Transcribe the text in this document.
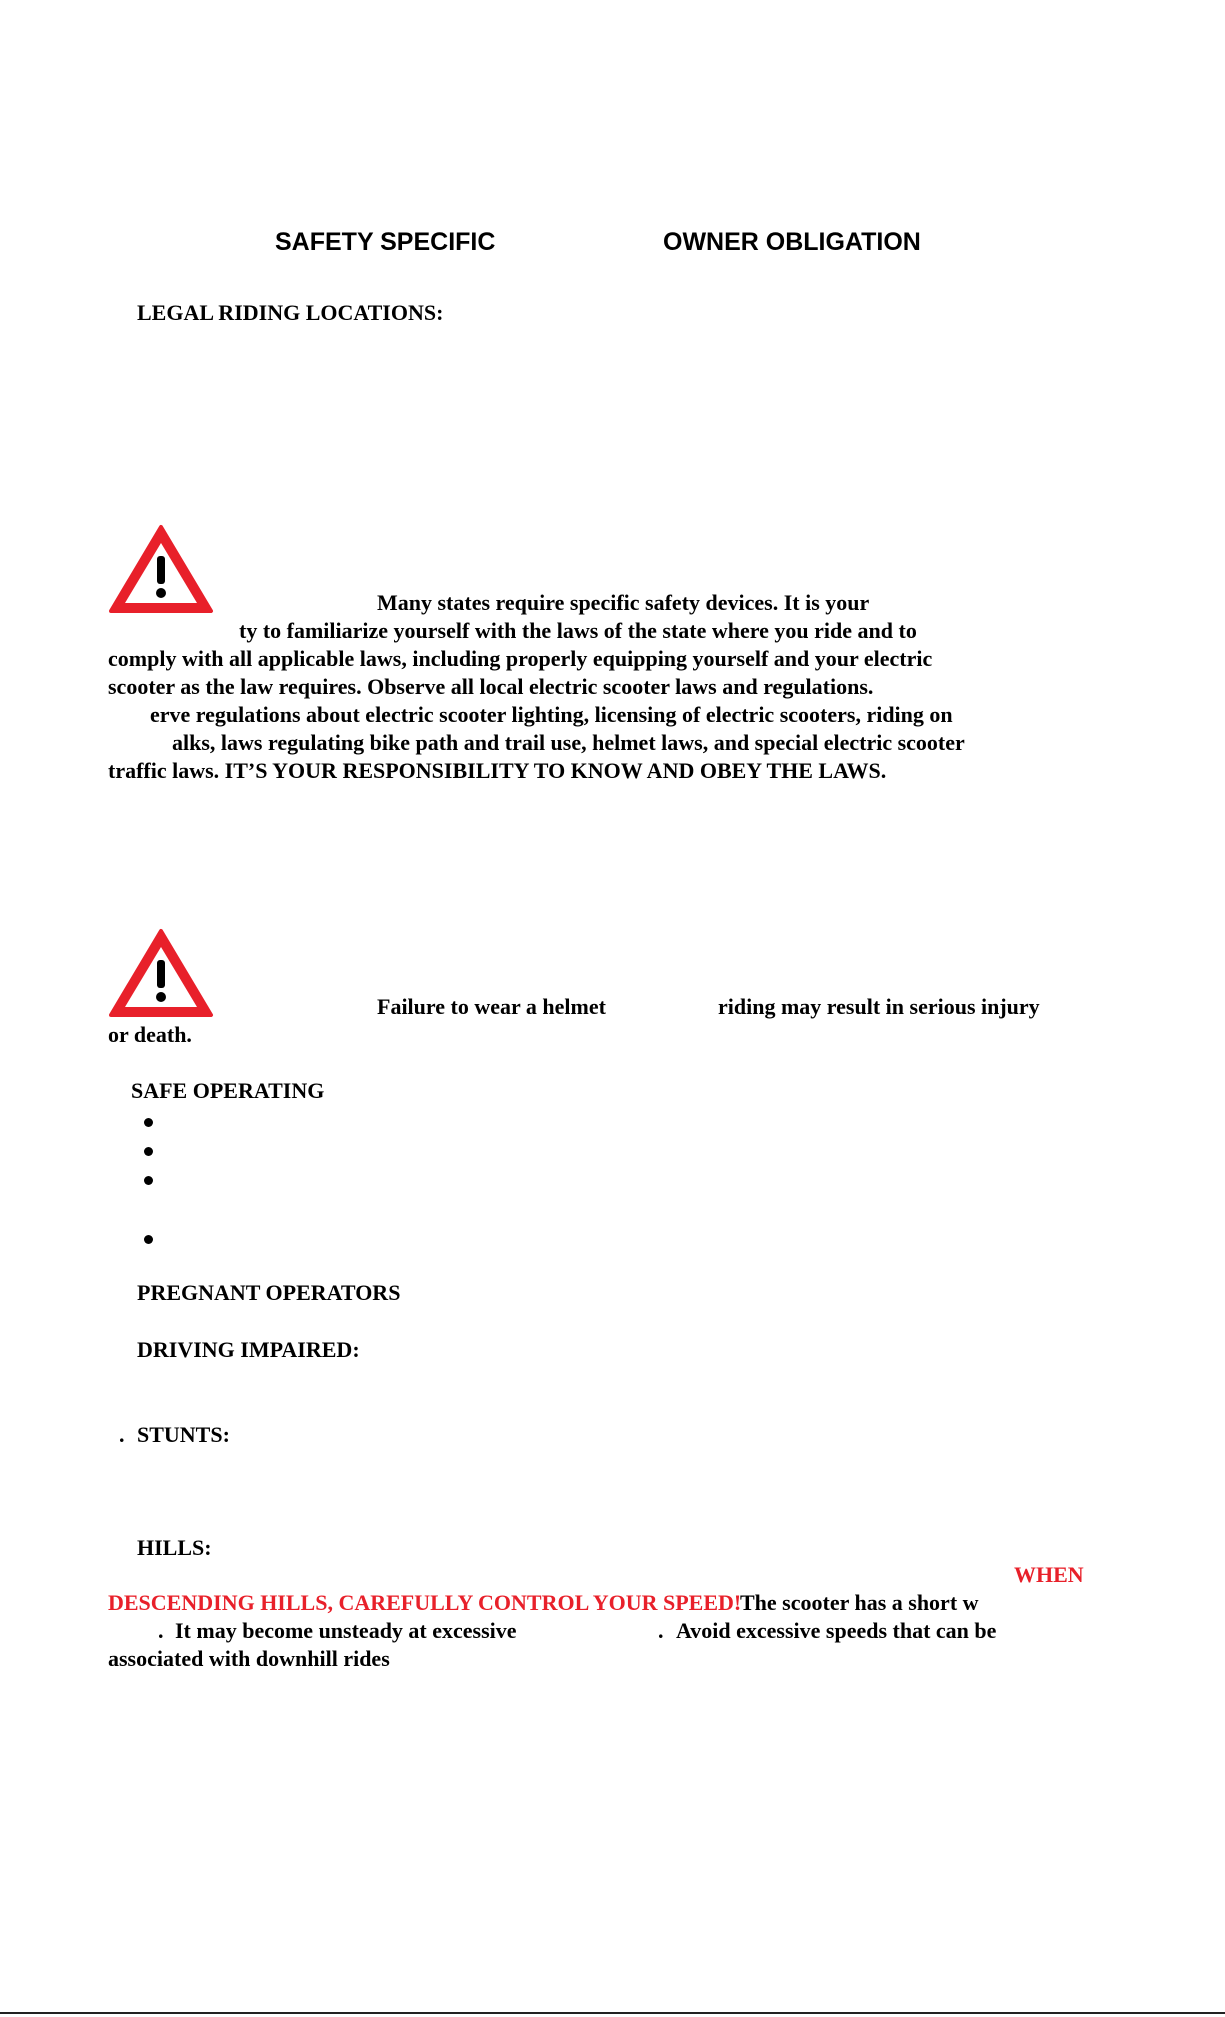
SAFETY SPECIFIC	OWNER OBLIGATION
LEGAL RIDING LOCATIONS:
Many states require specific safety devices. It is your
ty to familiarize yourself with the laws of the state where you ride and to
comply with all applicable laws, including properly equipping yourself and your electric
scooter as the law requires. Observe all local electric scooter laws and regulations.
erve regulations about electric scooter lighting, licensing of electric scooters, riding on
alks, laws regulating bike path and trail use, helmet laws, and special electric scooter
traffic laws. IT’S YOUR RESPONSIBILITY TO KNOW AND OBEY THE LAWS.
Failure to wear a helmet	riding may result in serious injury
or death.
SAFE OPERATING
PREGNANT OPERATORS
DRIVING IMPAIRED:
. STUNTS:
HILLS:
WHEN
DESCENDING HILLS, CAREFULLY CONTROL YOUR SPEED!
The scooter has a short w
. It may become unsteady at excessive	. Avoid excessive speeds that can be
associated with downhill rides
